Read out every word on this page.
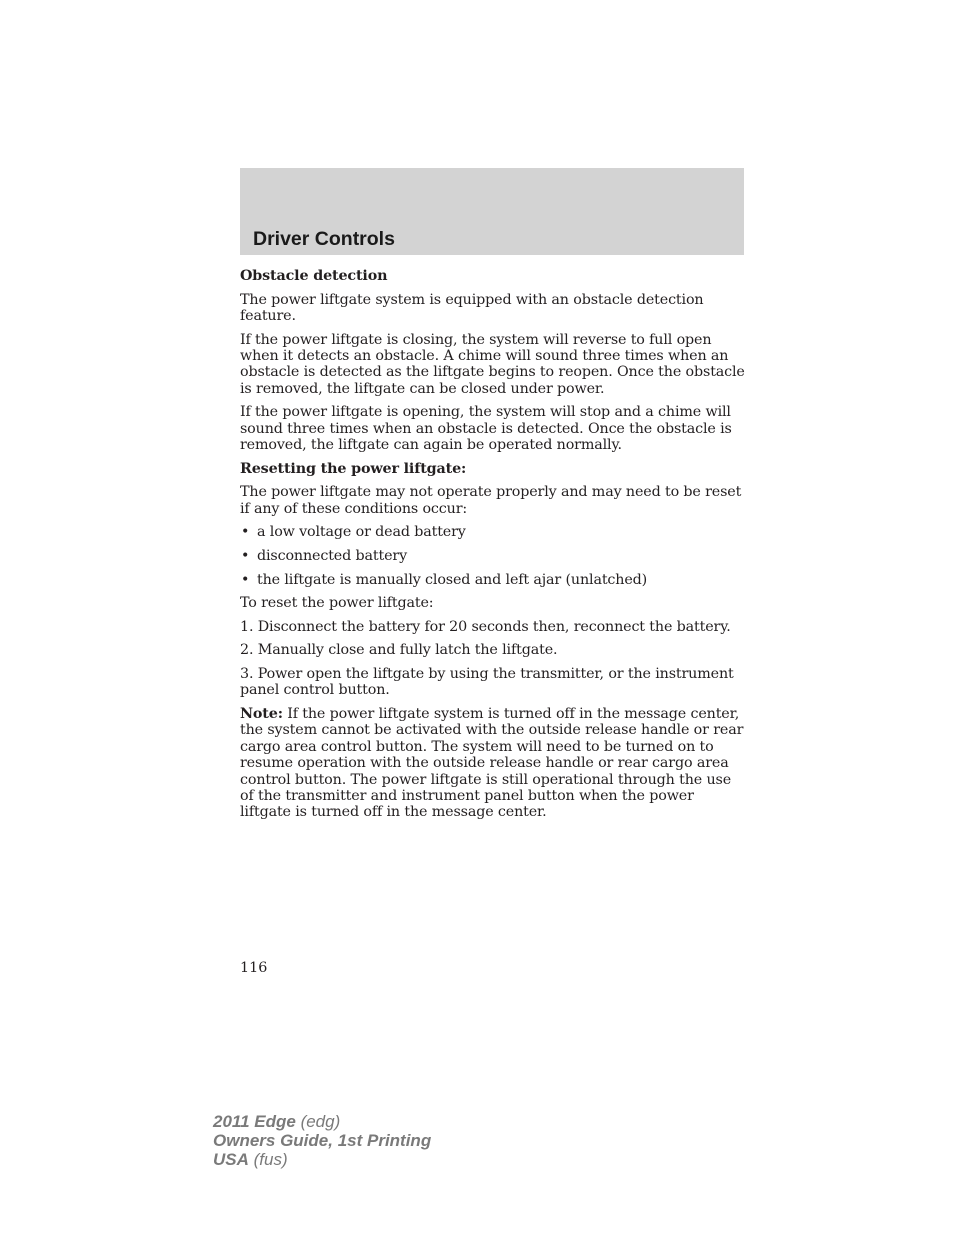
Driver Controls

Obstacle detection

The power liftgate system is equipped with an obstacle detection feature.

If the power liftgate is closing, the system will reverse to full open when it detects an obstacle. A chime will sound three times when an obstacle is detected as the liftgate begins to reopen. Once the obstacle is removed, the liftgate can be closed under power.

If the power liftgate is opening, the system will stop and a chime will sound three times when an obstacle is detected. Once the obstacle is removed, the liftgate can again be operated normally.

Resetting the power liftgate:

The power liftgate may not operate properly and may need to be reset if any of these conditions occur:

• a low voltage or dead battery

• disconnected battery

• the liftgate is manually closed and left ajar (unlatched)

To reset the power liftgate:

1. Disconnect the battery for 20 seconds then, reconnect the battery.

2. Manually close and fully latch the liftgate.

3. Power open the liftgate by using the transmitter, or the instrument panel control button.

Note: If the power liftgate system is turned off in the message center, the system cannot be activated with the outside release handle or rear cargo area control button. The system will need to be turned on to resume operation with the outside release handle or rear cargo area control button. The power liftgate is still operational through the use of the transmitter and instrument panel button when the power liftgate is turned off in the message center.

116
2011 Edge (edg)
Owners Guide, 1st Printing
USA (fus)
